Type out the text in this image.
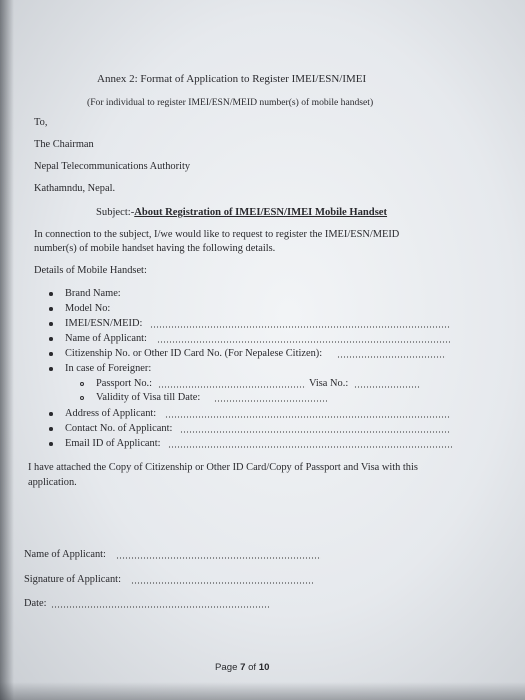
Annex 2: Format of Application to Register IMEI/ESN/IMEI
(For individual to register IMEI/ESN/MEID number(s) of mobile handset)
To,
The Chairman
Nepal Telecommunications Authority
Kathamndu, Nepal.
Subject:-About Registration of IMEI/ESN/IMEI Mobile Handset
In connection to the subject, I/we would like to request to register the IMEI/ESN/MEID
number(s) of mobile handset having the following details.
Details of Mobile Handset:
Brand Name:
Model No:
IMEI/ESN/MEID:
Name of Applicant:
Citizenship No. or Other ID Card No. (For Nepalese Citizen):
In case of Foreigner:
Passport No.:	Visa No.:
Validity of Visa till Date:
Address of Applicant:
Contact No. of Applicant:
Email ID of Applicant:
I have attached the Copy of Citizenship or Other ID Card/Copy of Passport and Visa with this
application.
Name of Applicant:
Signature of Applicant:
Date:
Page 7 of 10
